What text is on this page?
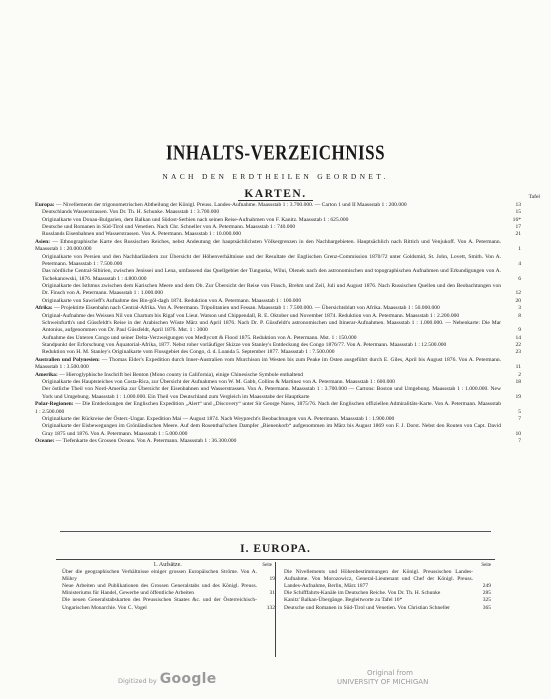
INHALTS-VERZEICHNISS
NACH DEN ERDTHEILEN GEORDNET.
KARTEN.	Tafel
Europa: — Nivellements der trigonometrischen Abtheilung der Königl. Preuss. Landes-Aufnahme. Maassstab 1 : 3.700.000. — Carton 1 und II Maassstab 1 : 200.000	13
Deutschlands Wasserstrassen. Von Dr. Th. H. Schunke. Maassstab 1 : 3.700.000	15
Originalkarte von Donau-Bulgarien, dem Balkan und Südost-Serbien nach seinen Reise-Aufnahmen von F. Kanitz. Maassstab 1 : 625.000	16*
Deutsche und Romanen in Süd-Tirol und Venetien. Nach Chr. Schneller von A. Petermann. Maassstab 1 : 740.000	17
Russlands Eisenbahnen und Wasserstrassen. Von A. Petermann. Maassstab 1 : 10.000.000	21
Asien: — Ethnographische Karte des Russischen Reiches, nebst Andeutung der hauptsächlichsten Völkergrenzen in den Nachbargebieten. Hauptsächlich nach Rittich und Venjukoff. Von A. Petermann. Maassstab 1 : 20.000.000	1
Originalkarte von Persien und den Nachbarländern zur Übersicht der Höhenverhältnisse und der Resultate der Englischen Grenz-Commission 1870/72 unter Goldsmid, St. John, Lovett, Smith. Von A. Petermann. Maassstab 1 : 7.500.000	4
Das nördliche Central-Sibirien, zwischen Jenissei und Lena, umfassend das Quellgebiet der Tunguska, Wilui, Olenek nach den astronomischen und topographischen Aufnahmen und Erkundigungen von A. Tschekanowski, 1876. Maassstab 1 : 4.800.000	6
Originalkarte des Isthmus zwischen dem Karischen Meere und dem Ob. Zur Übersicht der Reise von Finsch, Brehm und Zeil, Juli und August 1876. Nach Russischen Quellen und den Beobachtungen von Dr. Finsch von A. Petermann. Maassstab 1 : 1.000.000	12
Originalkarte von Sawrieff's Aufnahme des Bin-göl-dagh 1874. Reduktion von A. Petermann. Maassstab 1 : 100.000	20
Afrika: — Projektirte Eisenbahn nach Central-Afrika. Von A. Petermann. Tripolitanien und Fessan. Maassstab 1 : 7.500.000. — Übersichtsblatt von Afrika. Maassstab 1 : 50.000.000	3
Original-Aufnahme des Weissen Nil von Chartum bis Rigaf von Lieut. Watson und Chippendall, R. E. Oktober und November 1874. Reduktion von A. Petermann. Maassstab 1 : 2.200.000	8
Schweinfurth's und Güssfeldt's Reise in der Arabischen Wüste März und April 1876. Nach Dr. P. Güssfeldt's astronomischen und Itinerar-Aufnahmen. Maassstab 1 : 1.000.000. — Nebenkarte: Die Mar Antonius, aufgenommen von Dr. Paul Güssfeldt, April 1876. Mst. 1 : 3000	9
Aufnahme des Unteren Congo und seiner Delta-Verzweigungen von Medlycott & Flood 1875. Reduktion von A. Petermann. Mst. 1 : 150.000	14
Standpunkt der Erforschung von Äquatorial-Afrika, 1877. Nebst roher vorläufiger Skizze von Stanley's Entdeckung des Congo 1876/77. Von A. Petermann. Maassstab 1 : 12.500.000	22
Reduktion von H. M. Stanley's Originalkarte vom Flussgebiet des Congo, d. d. Loanda 5. September 1877. Maassstab 1 : 7.500.000	23
Australien und Polynesien: — Thomas Elder's Expedition durch Inner-Australien vom Murchison im Westen bis zum Peake im Osten ausgeführt durch E. Giles, April bis August 1876. Von A. Petermann. Maassstab 1 : 3.500.000	11
Amerika: — Hieroglyphische Inschrift bei Benton (Mono county in California), einige Chinesische Symbole enthaltend	2
Originalkarte des Hauptsteiches von Costa-Rica, zur Übersicht der Aufnahmen von W. M. Gabb, Collins & Martinez von A. Petermann. Maassstab 1 : 600.000	18
Der östliche Theil von Nord-Amerika zur Übersicht der Eisenbahnen und Wasserstrassen. Von A. Petermann. Maassstab 1 : 3.700.000 — Cartons: Boston und Umgebung. Maassstab 1 : 1.000.000. New York und Umgebung. Maassstab 1 : 1.000.000. Ein Theil von Deutschland zum Vergleich im Maassstabe der Hauptkarte	19
Polar-Regionen: — Die Entdeckungen der Englischen Expedition „Alert“ und „Discovery“ unter Sir George Nares, 1875/76. Nach der Englischen offiziellen Admiralitäts-Karte. Von A. Petermann. Maassstab 1 : 2.500.000	5
Originalkarte der Rückreise der Österr.-Ungar. Expedition Mai — August 1874. Nach Weyprecht's Beobachtungen von A. Petermann. Maassstab 1 : 1.900.000	7
Originalkarte der Eisbewegungen im Grönländischen Meere. Auf dem Rosenthal'schen Dampfer „Bienenkorb“ aufgenommen im März bis August 1869 von F. J. Dorst. Nebst den Routen von Capt. David Gray 1875 und 1876. Von A. Petermann. Maassstab 1 : 5.000.000	10
Oceane: — Tiefenkarte des Grossen Oceans. Von A. Petermann. Maassstab 1 : 36.300.000	7
I. EUROPA.
1. Aufsätze.	Seite
Über die geographischen Verhältnisse einiger grossen Europäischen Ströme. Von A. Mühry	19
Neue Arbeiten und Publikationen des Grossen Generalstabs und des Königl. Preuss. Ministeriums für Handel, Gewerbe und öffentliche Arbeiten	31
Die neuen Generalstabskarten des Preussischen Staates &c. und der Österreichisch-Ungarischen Monarchie. Von C. Vogel	132

Seite
Die Nivellements und Höhenbestimmungen der Königl. Preussischen Landes-Aufnahme. Von Morozowicz, General-Lieutenant und Chef der Königl. Preuss. Landes-Aufnahme, Berlin, März 1877	249
Die Schifffahrts-Kanäle im Deutschen Reiche. Von Dr. Th. H. Schunke	285
Kanitz' Balkan-Übergänge. Begleitworte zu Tafel 16*	325
Deutsche und Romanen in Süd-Tirol und Venetien. Von Christian Schneller	365
Digitized by Google	Original from
UNIVERSITY OF MICHIGAN
